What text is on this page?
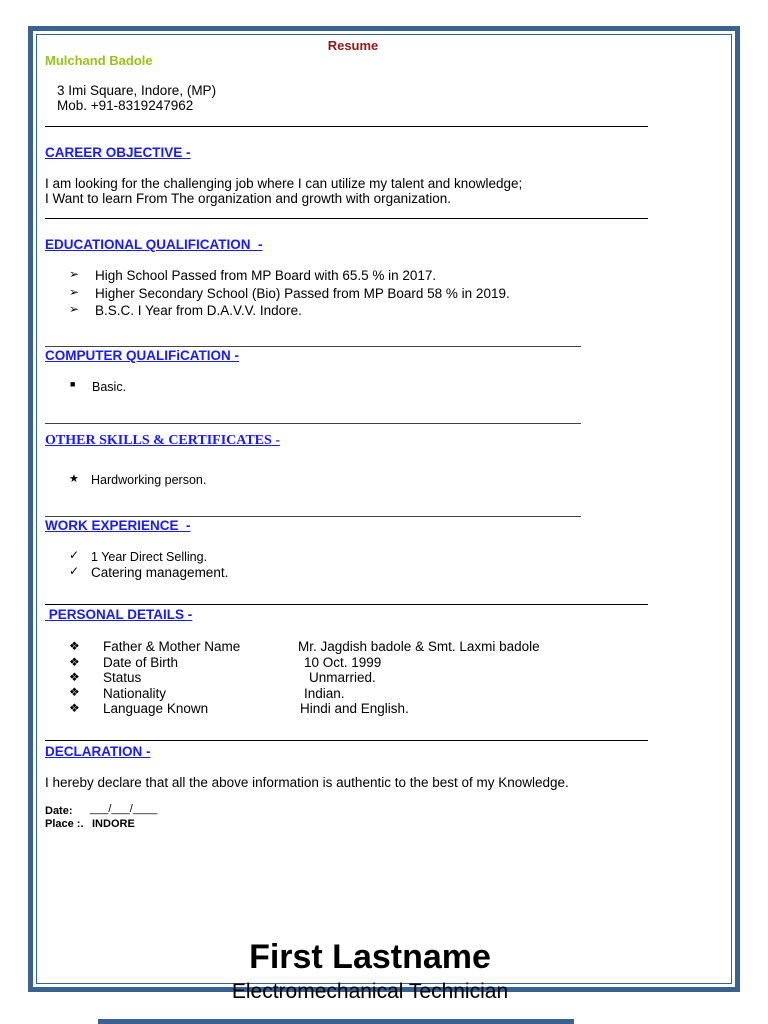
Resume
Mulchand Badole
3 Imi Square, Indore, (MP)
Mob. +91-8319247962
CAREER OBJECTIVE -
I am looking for the challenging job where I can utilize my talent and knowledge;
I Want to learn From The organization and growth with organization.
EDUCATIONAL QUALIFICATION -
➢ High School Passed from MP Board with 65.5 % in 2017.
➢ Higher Secondary School (Bio) Passed from MP Board 58 % in 2019.
➢ B.S.C. I Year from D.A.V.V. Indore.
COMPUTER QUALIFiCATION -
■ Basic.
OTHER SKILLS & CERTIFICATES -
★ Hardworking person.
WORK EXPERIENCE -
✓ 1 Year Direct Selling.
✓ Catering management.
PERSONAL DETAILS -
❖ Father & Mother Name	Mr. Jagdish badole & Smt. Laxmi badole
❖ Date of Birth	10 Oct. 1999
❖ Status	Unmarried.
❖ Nationality	Indian.
❖ Language Known	Hindi and English.
DECLARATION -
I hereby declare that all the above information is authentic to the best of my Knowledge.
Date: ___/___/____
Place :. INDORE
First Lastname
Electromechanical Technician
